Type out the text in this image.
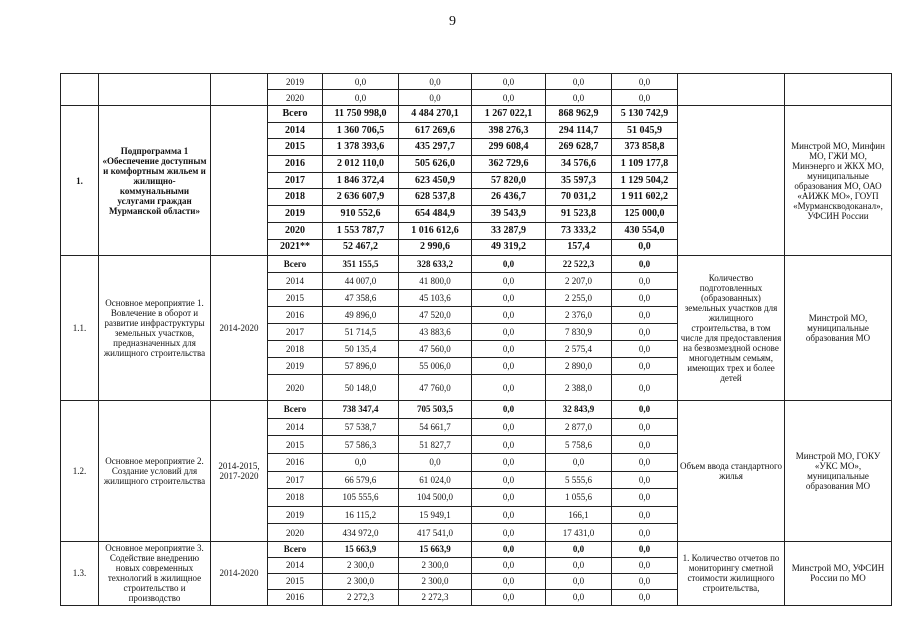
9
			2019	0,0	0,0	0,0	0,0	0,0		
			2020	0,0	0,0	0,0	0,0	0,0		
1.	Подпрограмма 1 «Обеспечение доступным и комфортным жильем и жилищно-коммунальными услугами граждан Мурманской области»		Всего	11 750 998,0	4 484 270,1	1 267 022,1	868 962,9	5 130 742,9		Минстрой МО, Минфин МО, ГЖИ МО, Минэнерго и ЖКХ МО, муниципальные образования МО, ОАО «АИЖК МО», ГОУП «Мурманскводоканал», УФСИН России
			2014	1 360 706,5	617 269,6	398 276,3	294 114,7	51 045,9		
			2015	1 378 393,6	435 297,7	299 608,4	269 628,7	373 858,8		
			2016	2 012 110,0	505 626,0	362 729,6	34 576,6	1 109 177,8		
			2017	1 846 372,4	623 450,9	57 820,0	35 597,3	1 129 504,2		
			2018	2 636 607,9	628 537,8	26 436,7	70 031,2	1 911 602,2		
			2019	910 552,6	654 484,9	39 543,9	91 523,8	125 000,0		
			2020	1 553 787,7	1 016 612,6	33 287,9	73 333,2	430 554,0		
			2021**	52 467,2	2 990,6	49 319,2	157,4	0,0		
1.1.	Основное мероприятие 1. Вовлечение в оборот и развитие инфраструктуры земельных участков, предназначенных для жилищного строительства	2014-2020	Всего	351 155,5	328 633,2	0,0	22 522,3	0,0	Количество подготовленных (образованных) земельных участков для жилищного строительства, в том числе для предоставления на безвозмездной основе многодетным семьям, имеющих трех и более детей	Минстрой МО, муниципальные образования МО
			2014	44 007,0	41 800,0	0,0	2 207,0	0,0		
			2015	47 358,6	45 103,6	0,0	2 255,0	0,0		
			2016	49 896,0	47 520,0	0,0	2 376,0	0,0		
			2017	51 714,5	43 883,6	0,0	7 830,9	0,0		
			2018	50 135,4	47 560,0	0,0	2 575,4	0,0		
			2019	57 896,0	55 006,0	0,0	2 890,0	0,0		
			2020	50 148,0	47 760,0	0,0	2 388,0	0,0		
1.2.	Основное мероприятие 2. Создание условий для жилищного строительства	2014-2015, 2017-2020	Всего	738 347,4	705 503,5	0,0	32 843,9	0,0	Объем ввода стандартного жилья	Минстрой МО, ГОКУ «УКС МО», муниципальные образования МО
			2014	57 538,7	54 661,7	0,0	2 877,0	0,0		
			2015	57 586,3	51 827,7	0,0	5 758,6	0,0		
			2016	0,0	0,0	0,0	0,0	0,0		
			2017	66 579,6	61 024,0	0,0	5 555,6	0,0		
			2018	105 555,6	104 500,0	0,0	1 055,6	0,0		
			2019	16 115,2	15 949,1	0,0	166,1	0,0		
			2020	434 972,0	417 541,0	0,0	17 431,0	0,0		
1.3.	Основное мероприятие 3. Содействие внедрению новых современных технологий в жилищное строительство и производство	2014-2020	Всего	15 663,9	15 663,9	0,0	0,0	0,0	1. Количество отчетов по мониторингу сметной стоимости жилищного строительства,	Минстрой МО, УФСИН России по МО
			2014	2 300,0	2 300,0	0,0	0,0	0,0		
			2015	2 300,0	2 300,0	0,0	0,0	0,0		
			2016	2 272,3	2 272,3	0,0	0,0	0,0		
